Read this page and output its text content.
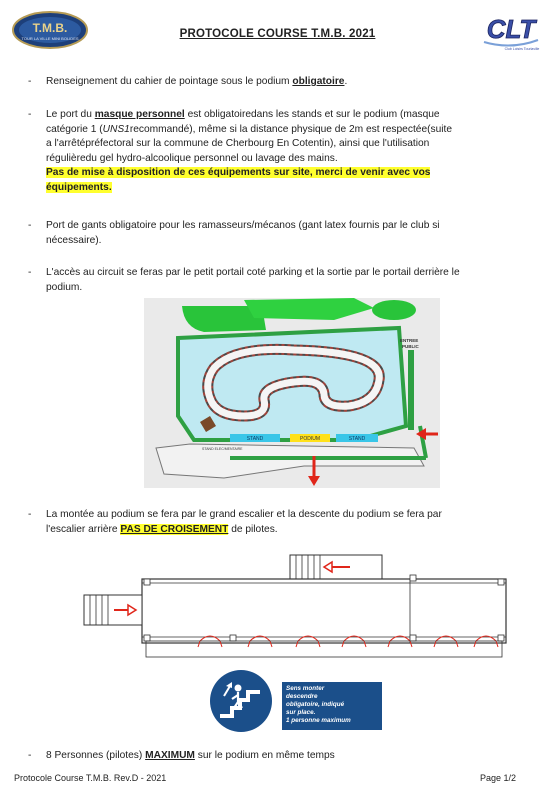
T.M.B.
TOUR LA VILLE MINI BOLIDES	PROTOCOLE COURSE T.M.B. 2021	CLT
Club Loisirs Tourlaville
- Renseignement du cahier de pointage sous le podium obligatoire.
- Le port du masque personnel est obligatoiredans les stands et sur le podium (masque
catégorie 1 (UNS1recommandé), même si la distance physique de 2m est respectée(suite
a l'arrêtépréfectoral sur la commune de Cherbourg En Cotentin), ainsi que l'utilisation
régulièredu gel hydro-alcoolique personnel ou lavage des mains.
Pas de mise à disposition de ces équipements sur site, merci de venir avec vos
équipements.
- Port de gants obligatoire pour les ramasseurs/mécanos (gant latex fournis par le club si
nécessaire).
- L'accès au circuit se feras par le petit portail coté parking et la sortie par le portail derrière le
podium.
STAND	PODIUM	STAND
STAND ELEC/MENTAIRE
ENTREE
PUBLIC
- La montée au podium se fera par le grand escalier et la descente du podium se fera par
l'escalier arrière PAS DE CROISEMENT de pilotes.
Sens monter
descendre
obligatoire, indiqué
sur place.
1 personne maximum
- 8 Personnes (pilotes) MAXIMUM sur le podium en même temps
Protocole Course T.M.B. Rev.D - 2021	Page 1/2
